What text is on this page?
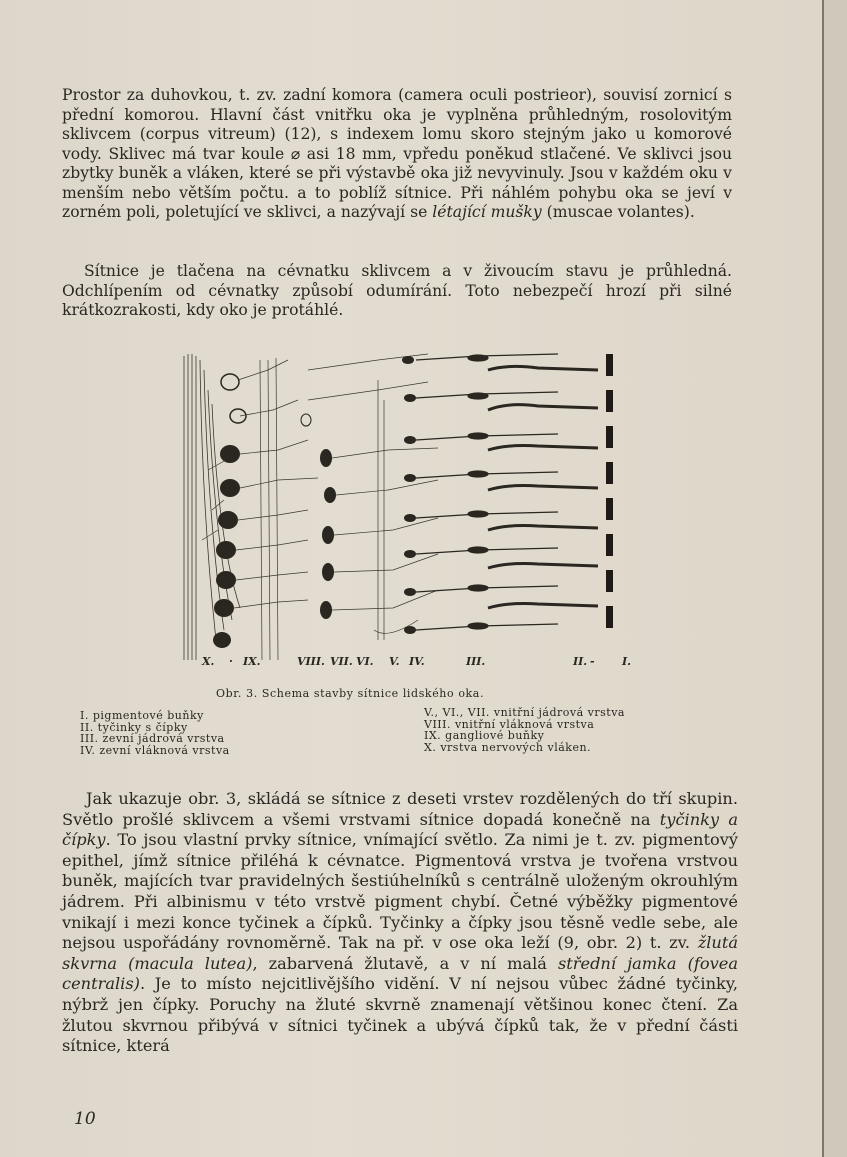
Prostor za duhovkou, t. zv. zadní komora (camera oculi postrieor), souvisí zornicí s přední komorou. Hlavní část vnitřku oka je vyplněna průhledným, rosolovitým sklivcem (corpus vitreum) (12), s indexem lomu skoro stejným jako u komorové vody. Sklivec má tvar koule ⌀ asi 18 mm, vpředu poněkud stlačené. Ve sklivci jsou zbytky buněk a vláken, které se při výstavbě oka již nevyvinuly. Jsou v každém oku v menším nebo větším počtu. a to poblíž sítnice. Při náhlém pohybu oka se jeví v zorném poli, poletující ve sklivci, a nazývají se létající mušky (muscae volantes).

Sítnice je tlačena na cévnatku sklivcem a v živoucím stavu je průhledná. Odchlípením od cévnatky způsobí odumírání. Toto nebezpečí hrozí při silné krátkozrakosti, kdy oko je protáhlé.

X. · IX.	VIII. VII. VI. V. IV.	III.	II. - I.
Obr. 3. Schema stavby sítnice lidského oka.
I. pigmentové buňky
II. tyčinky s čípky
III. zevní jádrová vrstva
IV. zevní vláknová vrstva
V., VI., VII. vnitřní jádrová vrstva
VIII. vnitřní vláknová vrstva
IX. gangliové buňky
X. vrstva nervových vláken.

Jak ukazuje obr. 3, skládá se sítnice z deseti vrstev rozdělených do tří skupin. Světlo prošlé sklivcem a všemi vrstvami sítnice dopadá konečně na tyčinky a čípky. To jsou vlastní prvky sítnice, vnímající světlo. Za nimi je t. zv. pigmentový epithel, jímž sítnice přiléhá k cévnatce. Pigmentová vrstva je tvořena vrstvou buněk, majících tvar pravidelných šestiúhelníků s centrálně uloženým okrouhlým jádrem. Při albinismu v této vrstvě pigment chybí. Četné výběžky pigmentové vnikají i mezi konce tyčinek a čípků. Tyčinky a čípky jsou těsně vedle sebe, ale nejsou uspořádány rovnoměrně. Tak na př. v ose oka leží (9, obr. 2) t. zv. žlutá skvrna (macula lutea), zabarvená žlutavě, a v ní malá střední jamka (fovea centralis). Je to místo nejcitlivějšího vidění. V ní nejsou vůbec žádné tyčinky, nýbrž jen čípky. Poruchy na žluté skvrně znamenají většinou konec čtení. Za žlutou skvrnou přibývá v sítnici tyčinek a ubývá čípků tak, že v přední části sítnice, která

10
